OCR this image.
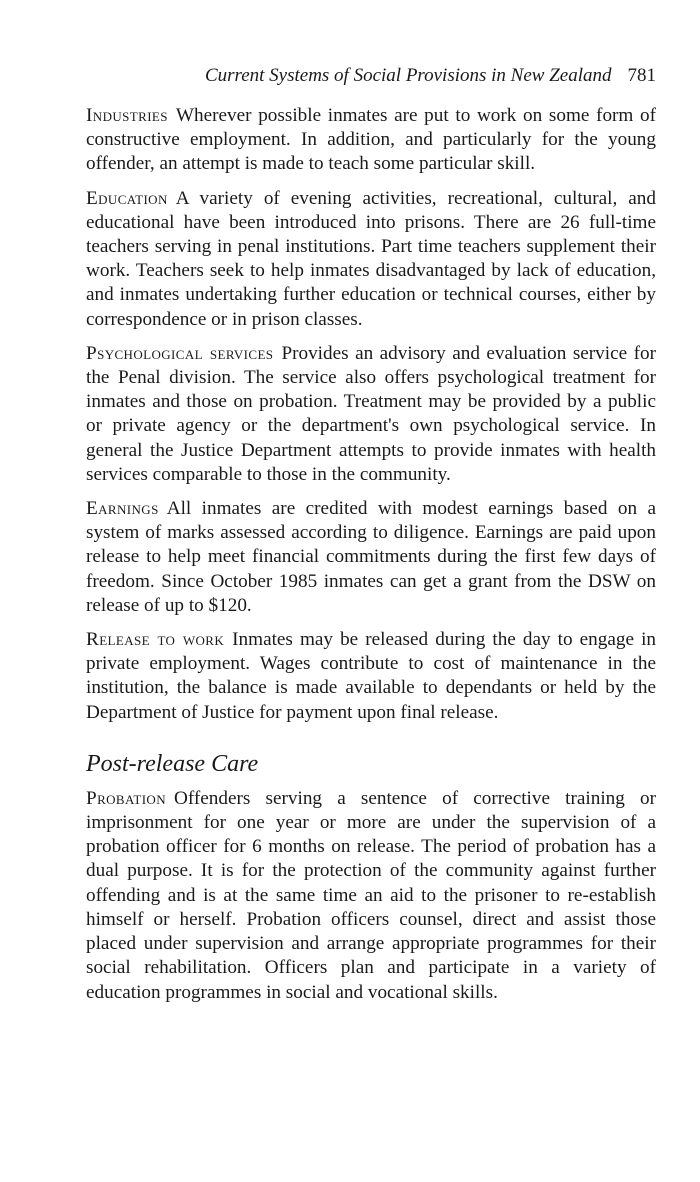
Current Systems of Social Provisions in New Zealand 781

Industries Wherever possible inmates are put to work on some form of constructive employment. In addition, and particularly for the young offender, an attempt is made to teach some particular skill.

Education A variety of evening activities, recreational, cultural, and educational have been introduced into prisons. There are 26 full-time teachers serving in penal institutions. Part time teachers supplement their work. Teachers seek to help inmates disadvantaged by lack of education, and inmates undertaking further education or technical courses, either by correspondence or in prison classes.

Psychological services Provides an advisory and evaluation service for the Penal division. The service also offers psychological treatment for inmates and those on probation. Treatment may be provided by a public or private agency or the department's own psychological service. In general the Justice Department attempts to provide inmates with health services comparable to those in the community.

Earnings All inmates are credited with modest earnings based on a system of marks assessed according to diligence. Earnings are paid upon release to help meet financial commitments during the first few days of freedom. Since October 1985 inmates can get a grant from the DSW on release of up to $120.

Release to work Inmates may be released during the day to engage in private employment. Wages contribute to cost of maintenance in the institution, the balance is made available to dependants or held by the Department of Justice for payment upon final release.

Post-release Care

Probation Offenders serving a sentence of corrective training or imprisonment for one year or more are under the supervision of a probation officer for 6 months on release. The period of probation has a dual purpose. It is for the protection of the community against further offending and is at the same time an aid to the prisoner to re-establish himself or herself. Probation officers counsel, direct and assist those placed under supervision and arrange appropriate programmes for their social rehabilitation. Officers plan and participate in a variety of education programmes in social and vocational skills.
